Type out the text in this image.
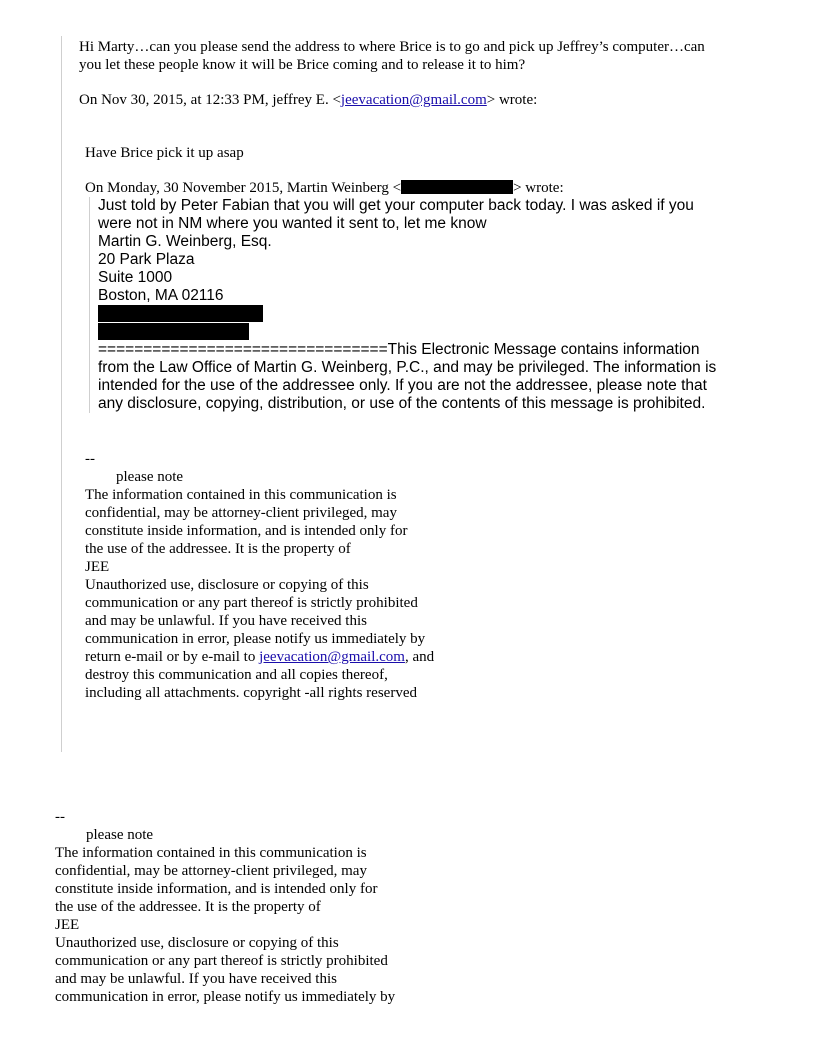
Hi Marty…can you please send the address to where Brice is to go and pick up Jeffrey’s computer…can
you let these people know it will be Brice coming and to release it to him?
On Nov 30, 2015, at 12:33 PM, jeffrey E. <jeevacation@gmail.com> wrote:
Have Brice pick it up asap
On Monday, 30 November 2015, Martin Weinberg <	> wrote:
Just told by Peter Fabian that you will get your computer back today. I was asked if you
were not in NM where you wanted it sent to, let me know
Martin G. Weinberg, Esq.
20 Park Plaza
Suite 1000
Boston, MA 02116
================================This Electronic Message contains information
from the Law Office of Martin G. Weinberg, P.C., and may be privileged. The information is
intended for the use of the addressee only. If you are not the addressee, please note that
any disclosure, copying, distribution, or use of the contents of this message is prohibited.
--
please note
The information contained in this communication is
confidential, may be attorney-client privileged, may
constitute inside information, and is intended only for
the use of the addressee. It is the property of
JEE
Unauthorized use, disclosure or copying of this
communication or any part thereof is strictly prohibited
and may be unlawful. If you have received this
communication in error, please notify us immediately by
return e-mail or by e-mail to jeevacation@gmail.com, and
destroy this communication and all copies thereof,
including all attachments. copyright -all rights reserved
--
please note
The information contained in this communication is
confidential, may be attorney-client privileged, may
constitute inside information, and is intended only for
the use of the addressee. It is the property of
JEE
Unauthorized use, disclosure or copying of this
communication or any part thereof is strictly prohibited
and may be unlawful. If you have received this
communication in error, please notify us immediately by
